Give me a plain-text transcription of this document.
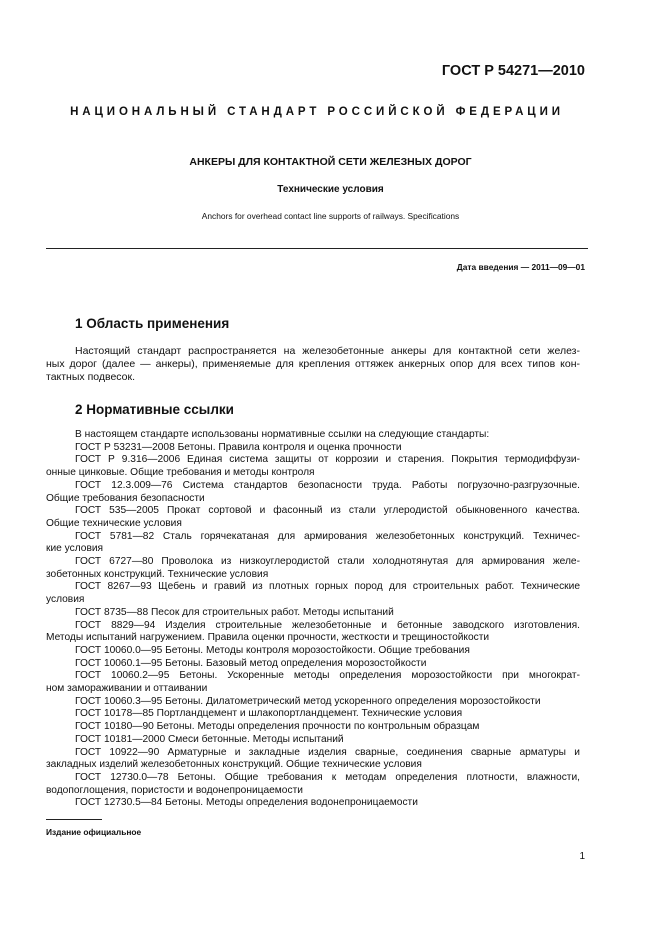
ГОСТ Р 54271—2010
НАЦИОНАЛЬНЫЙ СТАНДАРТ РОССИЙСКОЙ ФЕДЕРАЦИИ
АНКЕРЫ ДЛЯ КОНТАКТНОЙ СЕТИ ЖЕЛЕЗНЫХ ДОРОГ
Технические условия
Anchors for overhead contact line supports of railways. Specifications
Дата введения — 2011—09—01
1 Область применения
Настоящий стандарт распространяется на железобетонные анкеры для контактной сети желез-
ных дорог (далее — анкеры), применяемые для крепления оттяжек анкерных опор для всех типов кон-
тактных подвесок.
2 Нормативные ссылки
В настоящем стандарте использованы нормативные ссылки на следующие стандарты:
ГОСТ Р 53231—2008 Бетоны. Правила контроля и оценка прочности
ГОСТ Р 9.316—2006 Единая система защиты от коррозии и старения. Покрытия термодиффузи-
онные цинковые. Общие требования и методы контроля
ГОСТ 12.3.009—76 Система стандартов безопасности труда. Работы погрузочно-разгрузочные.
Общие требования безопасности
ГОСТ 535—2005 Прокат сортовой и фасонный из стали углеродистой обыкновенного качества.
Общие технические условия
ГОСТ 5781—82 Сталь горячекатаная для армирования железобетонных конструкций. Техничес-
кие условия
ГОСТ 6727—80 Проволока из низкоуглеродистой стали холоднотянутая для армирования желе-
зобетонных конструкций. Технические условия
ГОСТ 8267—93 Щебень и гравий из плотных горных пород для строительных работ. Технические
условия
ГОСТ 8735—88 Песок для строительных работ. Методы испытаний
ГОСТ 8829—94 Изделия строительные железобетонные и бетонные заводского изготовления.
Методы испытаний нагружением. Правила оценки прочности, жесткости и трещиностойкости
ГОСТ 10060.0—95 Бетоны. Методы контроля морозостойкости. Общие требования
ГОСТ 10060.1—95 Бетоны. Базовый метод определения морозостойкости
ГОСТ 10060.2—95 Бетоны. Ускоренные методы определения морозостойкости при многократ-
ном замораживании и оттаивании
ГОСТ 10060.3—95 Бетоны. Дилатометрический метод ускоренного определения морозостойкости
ГОСТ 10178—85 Портландцемент и шлакопортландцемент. Технические условия
ГОСТ 10180—90 Бетоны. Методы определения прочности по контрольным образцам
ГОСТ 10181—2000 Смеси бетонные. Методы испытаний
ГОСТ 10922—90 Арматурные и закладные изделия сварные, соединения сварные арматуры и
закладных изделий железобетонных конструкций. Общие технические условия
ГОСТ 12730.0—78 Бетоны. Общие требования к методам определения плотности, влажности,
водопоглощения, пористости и водонепроницаемости
ГОСТ 12730.5—84 Бетоны. Методы определения водонепроницаемости
Издание официальное
1
